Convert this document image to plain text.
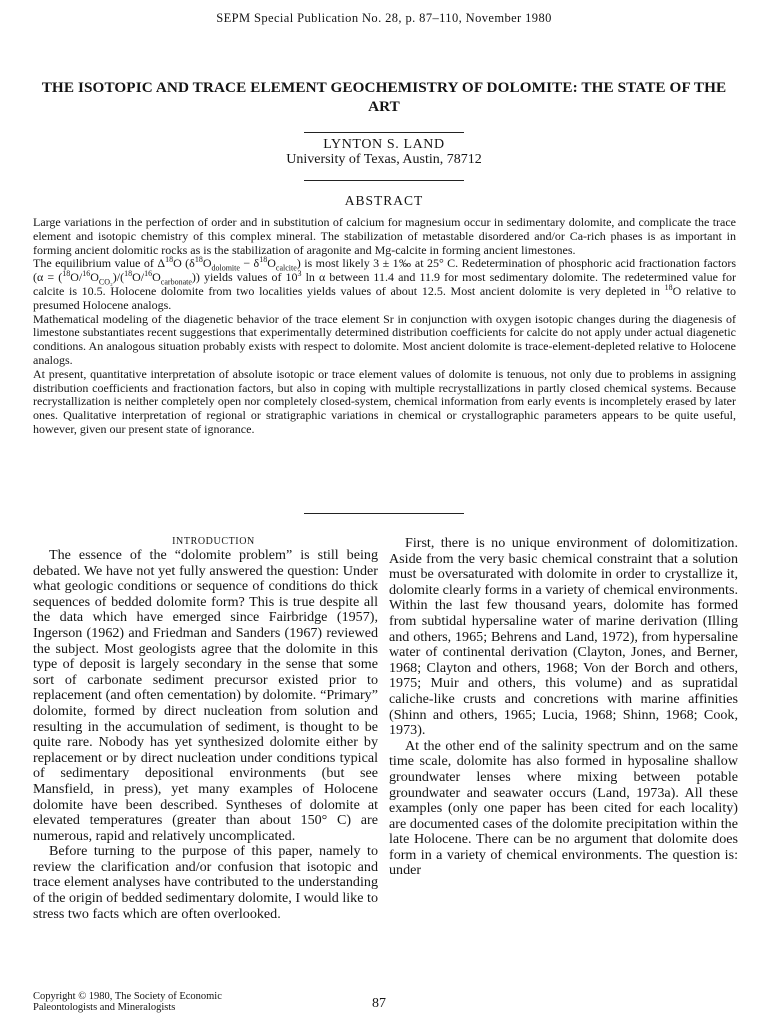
SEPM Special Publication No. 28, p. 87–110, November 1980
THE ISOTOPIC AND TRACE ELEMENT GEOCHEMISTRY OF DOLOMITE: THE STATE OF THE ART
LYNTON S. LAND
University of Texas, Austin, 78712
ABSTRACT

Large variations in the perfection of order and in substitution of calcium for magnesium occur in sedimentary dolomite, and complicate the trace element and isotopic chemistry of this complex mineral. The stabilization of metastable disordered and/or Ca-rich phases is as important in forming ancient dolomitic rocks as is the stabilization of aragonite and Mg-calcite in forming ancient limestones.

The equilibrium value of $\Delta^{18}O$ $(\delta^{18}O_{dolomite} - \delta^{18}O_{calcite})$ is most likely 3 ± 1‰ at 25° C. Redetermination of phosphoric acid fractionation factors $(\alpha = (^{18}O/^{16}O_{CO_2})/(^{18}O/^{16}O_{carbonate}))$ yields values of $10^3$ ln α between 11.4 and 11.9 for most sedimentary dolomite. The redetermined value for calcite is 10.5. Holocene dolomite from two localities yields values of about 12.5. Most ancient dolomite is very depleted in $^{18}$O relative to presumed Holocene analogs.

Mathematical modeling of the diagenetic behavior of the trace element Sr in conjunction with oxygen isotopic changes during the diagenesis of limestone substantiates recent suggestions that experimentally determined distribution coefficients for calcite do not apply under actual diagenetic conditions. An analogous situation probably exists with respect to dolomite. Most ancient dolomite is trace-element-depleted relative to Holocene analogs.

At present, quantitative interpretation of absolute isotopic or trace element values of dolomite is tenuous, not only due to problems in assigning distribution coefficients and fractionation factors, but also in coping with multiple recrystallizations in partly closed chemical systems. Because recrystallization is neither completely open nor completely closed-system, chemical information from early events is incompletely erased by later ones. Qualitative interpretation of regional or stratigraphic variations in chemical or crystallographic parameters appears to be quite useful, however, given our present state of ignorance.

INTRODUCTION

The essence of the “dolomite problem” is still being debated. We have not yet fully answered the question: Under what geologic conditions or sequence of conditions do thick sequences of bedded dolomite form? This is true despite all the data which have emerged since Fairbridge (1957), Ingerson (1962) and Friedman and Sanders (1967) reviewed the subject. Most geologists agree that the dolomite in this type of deposit is largely secondary in the sense that some sort of carbonate sediment precursor existed prior to replacement (and often cementation) by dolomite. “Primary” dolomite, formed by direct nucleation from solution and resulting in the accumulation of sediment, is thought to be quite rare. Nobody has yet synthesized dolomite either by replacement or by direct nucleation under conditions typical of sedimentary depositional environments (but see Mansfield, in press), yet many examples of Holocene dolomite have been described. Syntheses of dolomite at elevated temperatures (greater than about 150° C) are numerous, rapid and relatively uncomplicated.

Before turning to the purpose of this paper, namely to review the clarification and/or confusion that isotopic and trace element analyses have contributed to the understanding of the origin of bedded sedimentary dolomite, I would like to stress two facts which are often overlooked.

First, there is no unique environment of dolomitization. Aside from the very basic chemical constraint that a solution must be oversaturated with dolomite in order to crystallize it, dolomite clearly forms in a variety of chemical environments. Within the last few thousand years, dolomite has formed from subtidal hypersaline water of marine derivation (Illing and others, 1965; Behrens and Land, 1972), from hypersaline water of continental derivation (Clayton, Jones, and Berner, 1968; Clayton and others, 1968; Von der Borch and others, 1975; Muir and others, this volume) and as supratidal caliche-like crusts and concretions with marine affinities (Shinn and others, 1965; Lucia, 1968; Shinn, 1968; Cook, 1973).

At the other end of the salinity spectrum and on the same time scale, dolomite has also formed in hyposaline shallow groundwater lenses where mixing between potable groundwater and seawater occurs (Land, 1973a). All these examples (only one paper has been cited for each locality) are documented cases of the dolomite precipitation within the late Holocene. There can be no argument that dolomite does form in a variety of chemical environments. The question is: under

Copyright © 1980, The Society of Economic
Paleontologists and Mineralogists	87
